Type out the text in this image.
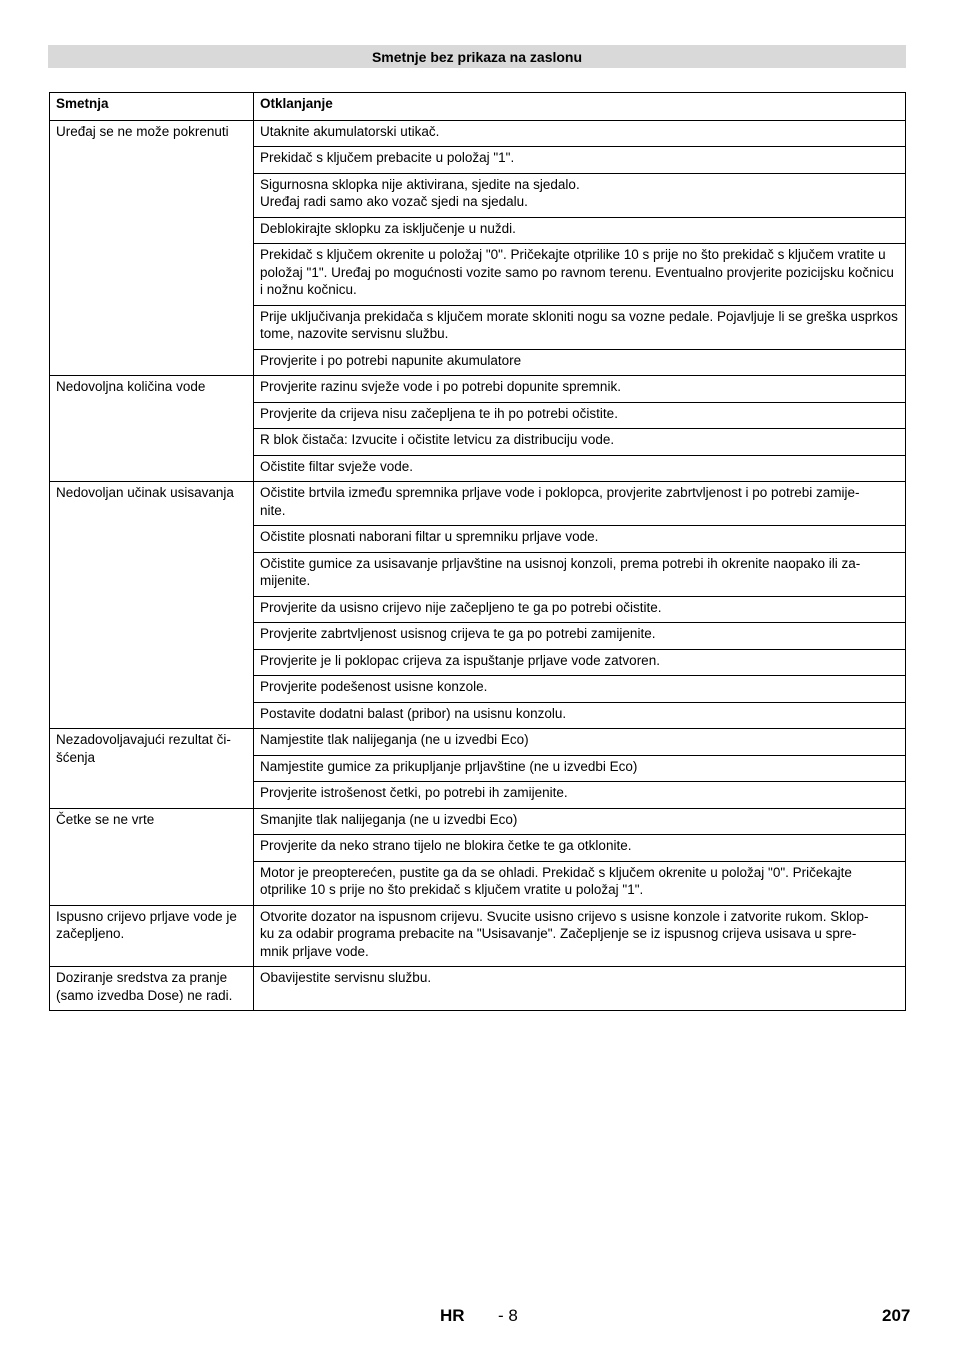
Smetnje bez prikaza na zaslonu
Smetnja	Otklanjanje
Uređaj se ne može pokrenuti	Utaknite akumulatorski utikač.
	Prekidač s ključem prebacite u položaj "1".
	Sigurnosna sklopka nije aktivirana, sjedite na sjedalo.
Uređaj radi samo ako vozač sjedi na sjedalu.
	Deblokirajte sklopku za isključenje u nuždi.
	Prekidač s ključem okrenite u položaj "0". Pričekajte otprilike 10 s prije no što prekidač s ključem vratite u položaj "1". Uređaj po mogućnosti vozite samo po ravnom terenu. Eventualno provjerite pozicijsku kočnicu i nožnu kočnicu.
	Prije uključivanja prekidača s ključem morate skloniti nogu sa vozne pedale. Pojavljuje li se greška usprkos tome, nazovite servisnu službu.
	Provjerite i po potrebi napunite akumulatore
Nedovoljna količina vode	Provjerite razinu svježe vode i po potrebi dopunite spremnik.
	Provjerite da crijeva nisu začepljena te ih po potrebi očistite.
	R blok čistača: Izvucite i očistite letvicu za distribuciju vode.
	Očistite filtar svježe vode.
Nedovoljan učinak usisavanja	Očistite brtvila između spremnika prljave vode i poklopca, provjerite zabrtvljenost i po potrebi zamije-
nite.
	Očistite plosnati naborani filtar u spremniku prljave vode.
	Očistite gumice za usisavanje prljavštine na usisnoj konzoli, prema potrebi ih okrenite naopako ili za-
mijenite.
	Provjerite da usisno crijevo nije začepljeno te ga po potrebi očistite.
	Provjerite zabrtvljenost usisnog crijeva te ga po potrebi zamijenite.
	Provjerite je li poklopac crijeva za ispuštanje prljave vode zatvoren.
	Provjerite podešenost usisne konzole.
	Postavite dodatni balast (pribor) na usisnu konzolu.
Nezadovoljavajući rezultat či-
šćenja	Namjestite tlak nalijeganja (ne u izvedbi Eco)
	Namjestite gumice za prikupljanje prljavštine (ne u izvedbi Eco)
	Provjerite istrošenost četki, po potrebi ih zamijenite.
Četke se ne vrte	Smanjite tlak nalijeganja (ne u izvedbi Eco)
	Provjerite da neko strano tijelo ne blokira četke te ga otklonite.
	Motor je preopterećen, pustite ga da se ohladi. Prekidač s ključem okrenite u položaj "0". Pričekajte otprilike 10 s prije no što prekidač s ključem vratite u položaj "1".
Ispusno crijevo prljave vode je začepljeno.	Otvorite dozator na ispusnom crijevu. Svucite usisno crijevo s usisne konzole i zatvorite rukom. Sklop-
ku za odabir programa prebacite na "Usisavanje". Začepljenje se iz ispusnog crijeva usisava u spre-
mnik prljave vode.
Doziranje sredstva za pranje (samo izvedba Dose) ne radi.	Obavijestite servisnu službu.
HR - 8	207
